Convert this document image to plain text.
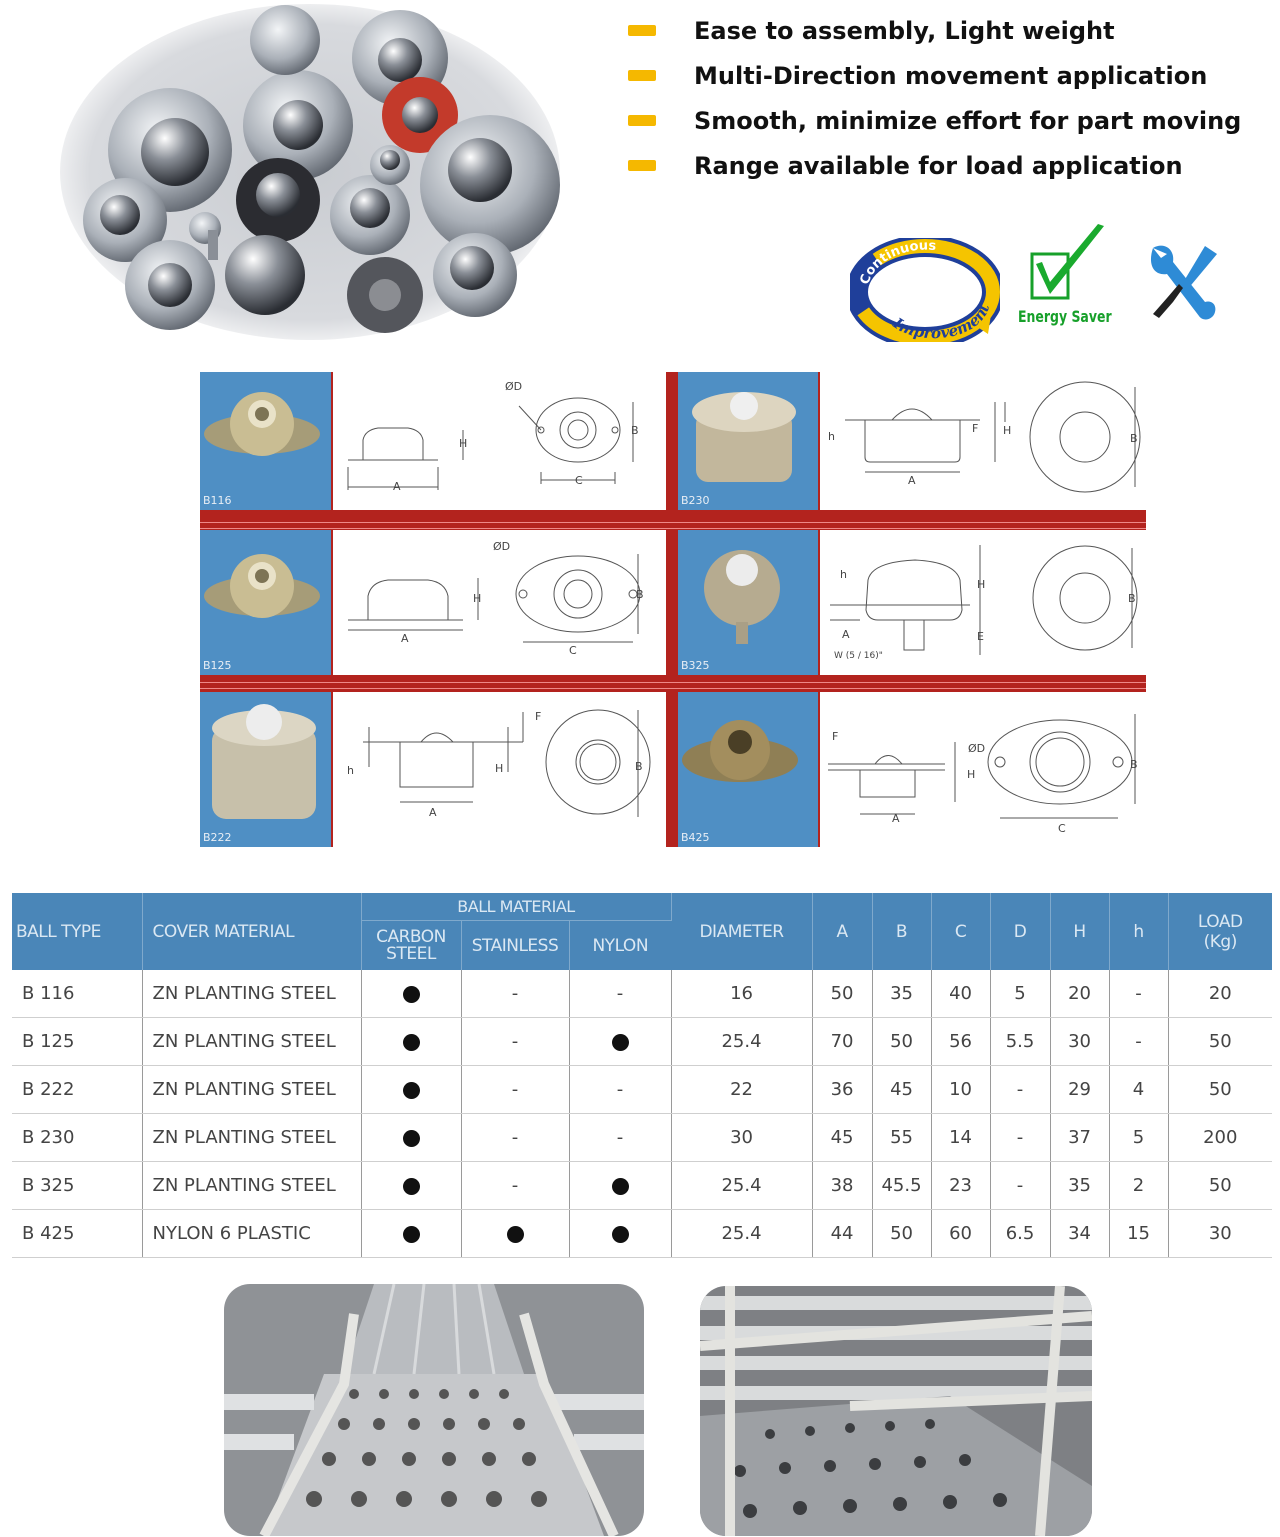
Ease to assembly, Light weight
Multi-Direction movement application
Smooth, minimize effort for part moving
Range available for load application
Continuous
Improvement Energy Saver
B116
A
H
ØD
B
C
B230
h
F H
A
B
B125
A
H
ØD
B
C
B325
h
H
A	E
B
W (5 / 16)"
B222
h
F
H
A
B
B425
F
ØD
H
A
B
C
BALL TYPE	COVER MATERIAL	BALL MATERIAL			DIAMETER	A	B	C	D	H	h	LOAD
(Kg)

		CARBON
STEEL	STAINLESS	NYLON								
B 116	ZN PLANTING STEEL		-	-	16	50	35	40	5	20	-	20
B 125	ZN PLANTING STEEL		-		25.4	70	50	56	5.5	30	-	50
B 222	ZN PLANTING STEEL		-	-	22	36	45	10	-	29	4	50
B 230	ZN PLANTING STEEL		-	-	30	45	55	14	-	37	5	200
B 325	ZN PLANTING STEEL		-		25.4	38	45.5	23	-	35	2	50
B 425	NYLON 6 PLASTIC				25.4	44	50	60	6.5	34	15	30
